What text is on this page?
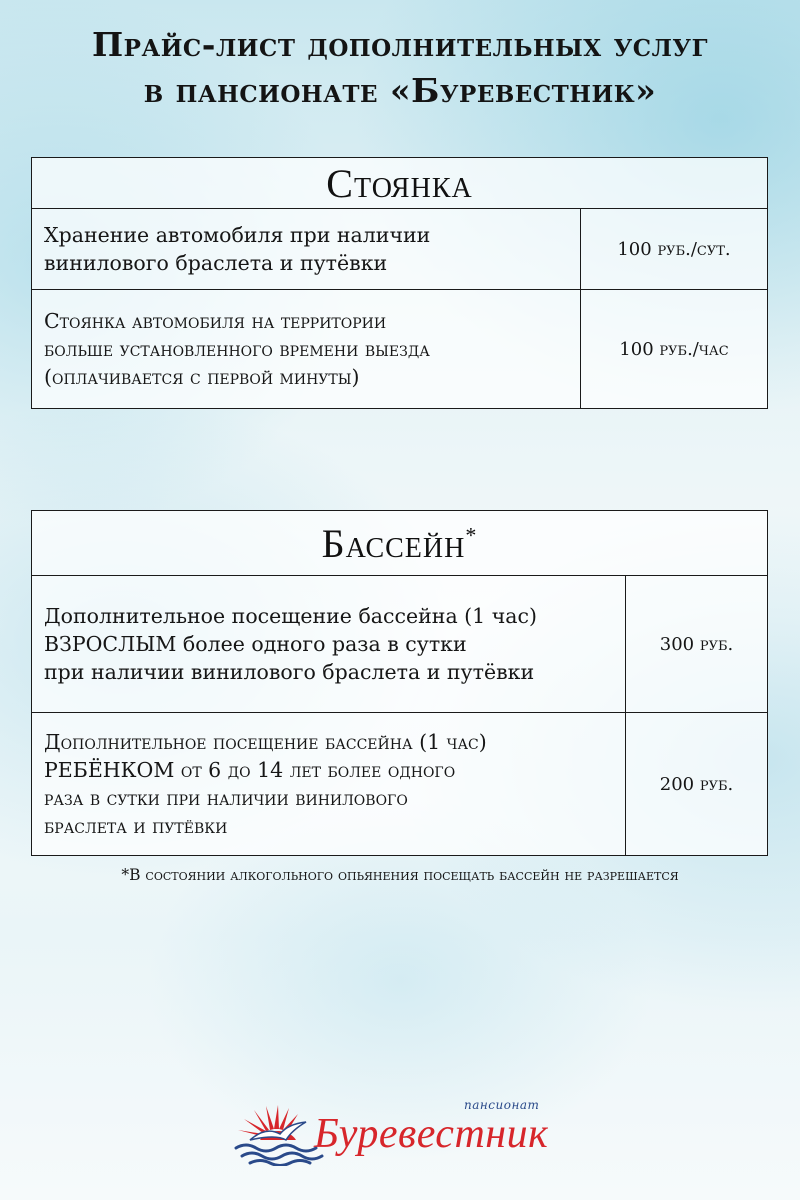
Прайс-лист дополнительных услуг
в пансионате «Буревестник»
Стоянка	

Хранение автомобиля при наличии
винилового браслета и путёвки	100 руб./сут.

Стоянка автомобиля на территории
больше установленного времени выезда
(оплачивается с первой минуты)	100 руб./час
Бассейн*

Дополнительное посещение бассейна (1 час)
ВЗРОСЛЫМ более одного раза в сутки
при наличии винилового браслета и путёвки	300 руб.

Дополнительное посещение бассейна (1 час)
РЕБЁНКОМ от 6 до 14 лет более одного
раза в сутки при наличии винилового
браслета и путёвки	200 руб.
*В состоянии алкогольного опьянения посещать бассейн не разрешается
пансионат
Буревестник
